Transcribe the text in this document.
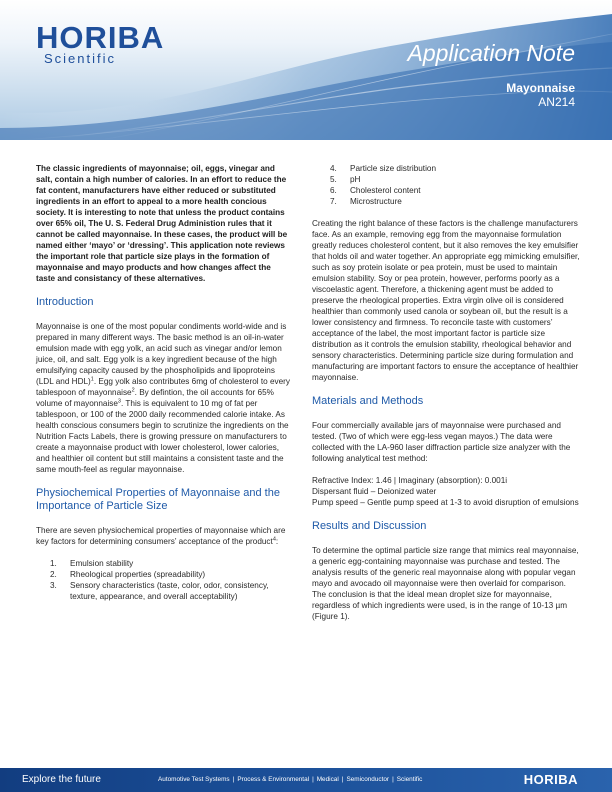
HORIBA
Scientific	Application Note
Mayonnaise
AN214

The classic ingredients of mayonnaise; oil, eggs, vinegar and salt, contain a high number of calories. In an effort to reduce the fat content, manufacturers have either reduced or substituted ingredients in an effort to appeal to a more health concious society. It is interesting to note that unless the product contains over 65% oil, The U. S. Federal Drug Administion rules that it cannot be called mayonnaise. In these cases, the product will be named either ‘mayo’ or ‘dressing’. This application note reviews the important role that particle size plays in the formation of mayonnaise and mayo products and how changes affect the taste and consistancy of these alternatives.

Introduction

Mayonnaise is one of the most popular condiments world-wide and is prepared in many different ways. The basic method is an oil-in-water emulsion made with egg yolk, an acid such as vinegar and/or lemon juice, oil, and salt. Egg yolk is a key ingredient because of the high emulsifying capacity caused by the phospholipids and lipoproteins (LDL and HDL)$^1$. Egg yolk also contributes 6mg of cholesterol to every tablespoon of mayonnaise$^2$. By defintion, the oil accounts for 65% volume of mayonnaise$^3$. This is equivalent to 10 mg of fat per tablespoon, or 100 of the 2000 daily recommended calorie intake. As health conscious consumers begin to scrutinize the ingredients on the Nutrition Facts Labels, there is growing pressure on manufacturers to create a mayonnaise product with lower cholesterol, lower calories, and healthier oil content but still maintains a consistent taste and the same mouth-feel as regular mayonnaise.

Physiochemical Properties of Mayonnaise and the Importance of Particle Size

There are seven physiochemical properties of mayonnaise which are key factors for determining consumers’ acceptance of the product$^4$:

1.	Emulsion stability
2.	Rheological properties (spreadability)
3.	Sensory characteristics (taste, color, odor, consistency, texture, appearance, and overall acceptability)
4.	Particle size distribution
5.	pH
6.	Cholesterol content
7.	Microstructure

Creating the right balance of these factors is the challenge manufacturers face. As an example, removing egg from the mayonnaise formulation greatly reduces cholesterol content, but it also removes the key emulsifier that holds oil and water together. An appropriate egg mimicking emulsifier, such as soy protein isolate or pea protein, must be used to maintain emulsion stability. Soy or pea protein, however, performs poorly as a viscoelastic agent. Therefore, a thickening agent must be added to preserve the rheological properties. Extra virgin olive oil is considered healthier than commonly used canola or soybean oil, but the result is a lower consistency and firmness. To reconcile taste with customers’ acceptance of the label, the most important factor is particle size distribution as it controls the emulsion stability, rheological behavior and sensory characteristics. Determining particle size during formulation and manufacturing are important factors to ensure the acceptance of healthier mayonnaise.

Materials and Methods

Four commercially available jars of mayonnaise were purchased and tested. (Two of which were egg-less vegan mayos.) The data were collected with the LA-960 laser diffraction particle size analyzer with the following analytical test method:

Refractive Index: 1.46 | Imaginary (absorption): 0.001i

Dispersant fluid – Deionized water

Pump speed – Gentle pump speed at 1-3 to avoid disruption of emulsions

Results and Discussion

To determine the optimal particle size range that mimics real mayonnaise, a generic egg-containing mayonnaise was purchase and tested. The analysis results of the generic real mayonnaise along with popular vegan mayo and avocado oil mayonnaise were then overlaid for comparison. The conclusion is that the ideal mean droplet size for mayonnaise, regardless of which ingredients were used, is in the range of 10-13 µm (Figure 1).

Explore the future	Automotive Test Systems | Process & Environmental | Medical | Semiconductor | Scientific	HORIBA
